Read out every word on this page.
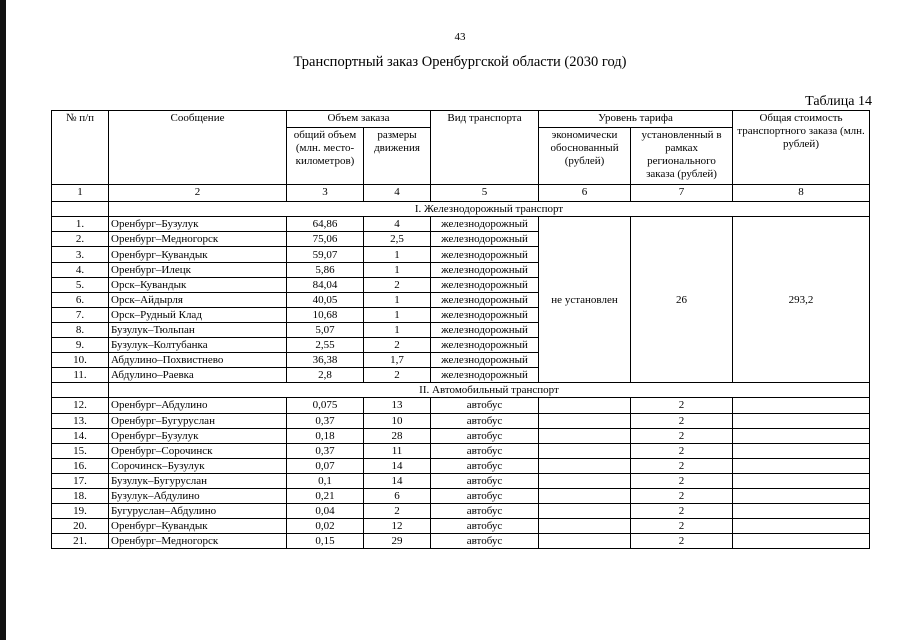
43
Транспортный заказ Оренбургской области (2030 год)
Таблица 14
№ п/п	Сообщение	Объем заказа		Вид транспорта	Уровень тарифа		Общая стоимость транспортного заказа (млн. рублей)
		общий объем (млн. место-километров)	размеры движения		экономически обоснованный (рублей)	установленный в рамках регионального заказа (рублей)	
1	2	3	4	5	6	7	8
	I. Железнодорожный транспорт						
1.	Оренбург–Бузулук	64,86	4	железнодорожный	не установлен	26	293,2
2.	Оренбург–Медногорск	75,06	2,5	железнодорожный			
3.	Оренбург–Кувандык	59,07	1	железнодорожный			
4.	Оренбург–Илецк	5,86	1	железнодорожный			
5.	Орск–Кувандык	84,04	2	железнодорожный			
6.	Орск–Айдырля	40,05	1	железнодорожный			
7.	Орск–Рудный Клад	10,68	1	железнодорожный			
8.	Бузулук–Тюльпан	5,07	1	железнодорожный			
9.	Бузулук–Колтубанка	2,55	2	железнодорожный			
10.	Абдулино–Похвистнево	36,38	1,7	железнодорожный			
11.	Абдулино–Раевка	2,8	2	железнодорожный			
	II. Автомобильный транспорт						
12.	Оренбург–Абдулино	0,075	13	автобус		2	
13.	Оренбург–Бугуруслан	0,37	10	автобус		2	
14.	Оренбург–Бузулук	0,18	28	автобус		2	
15.	Оренбург–Сорочинск	0,37	11	автобус		2	
16.	Сорочинск–Бузулук	0,07	14	автобус		2	
17.	Бузулук–Бугуруслан	0,1	14	автобус		2	
18.	Бузулук–Абдулино	0,21	6	автобус		2	
19.	Бугуруслан–Абдулино	0,04	2	автобус		2	
20.	Оренбург–Кувандык	0,02	12	автобус		2	
21.	Оренбург–Медногорск	0,15	29	автобус		2	
